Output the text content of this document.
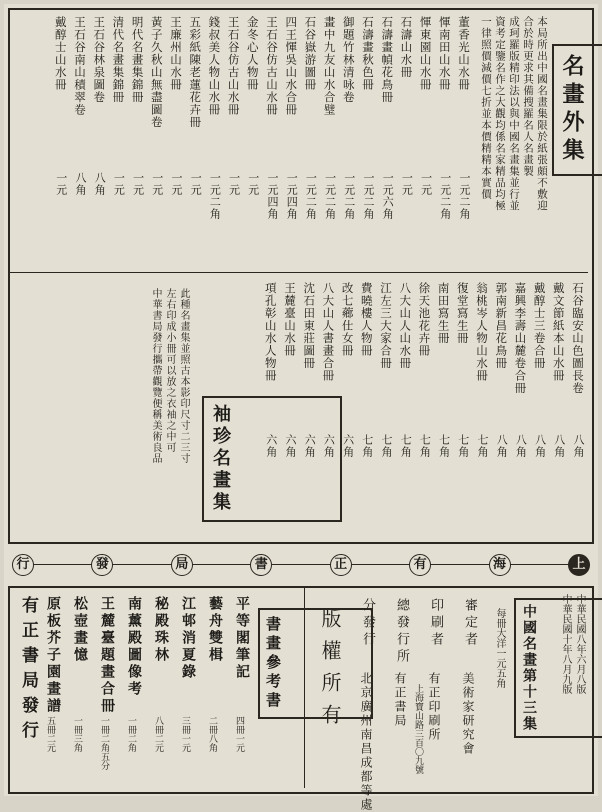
名畫外集
行	發	局	書	正	有	海	上
本局所出中國名畫集限於紙張頗不敷迎
合於時更求其備搜羅名人名畫製
成珂羅版精印法以與中國名畫集並行並
資考定鑒名作之大觀均係名家精品均極
一律照價減價七折並本價精精本實價
董香光山水冊
一元二角
惲南田山水冊
一元二角
惲東園山水冊
一元
石濤山水冊
一元
石濤畫幀花鳥冊
一元六角
石濤畫秋色冊
一元二角
御題竹林清咏卷
一元二角
畫中九友山水合璧
一元二角
石谷嶽游圖冊
一元二角
四王惲吳山水合冊
一元四角
王石谷仿古山水冊
一元四角
金冬心人物冊
一元
王石谷仿古山水冊
一元
錢叔美人物山水冊
一元二角
五彩紙陳老蓮花卉冊
一元
王廉州山水冊
一元
黃子久秋山無盡圖卷
一元
明代名畫集錦冊
一元
清代名畫集錦冊
一元
王石谷林泉圖卷
八角
王石谷南山積翠卷
八角
戴醇士山水冊
一元
石谷臨安山色圖長卷
八角
戴文節紙本山水冊
八角
戴醇士三卷合冊
八角
嘉興李壽山麓卷合冊
八角
郭南新昌花鳥冊
八角
翁桃岑人物山水冊
七角
復堂寫生冊
七角
南田寫生冊
七角
徐天池花卉冊
七角
八大山人山水冊
七角
江左三大家合冊
七角
費曉樓人物冊
七角
改七薌仕女冊
六角
八大山人書畫合冊
六角
沈石田東莊圖冊
六角
王麓臺山水冊
六角
項孔彰山水人物冊
六角
袖珍名畫集
此種名畫集並照古本影印尺寸二三寸
左右印成小冊可以放之衣袖之中可
中華書局發行攜帶觀覽便稱美術良品
中華民國八年六月八版
中華民國十年八月九版
中國名畫第十三集
每冊大洋一元五角
審定者
美術家研究會
印刷者
有正印刷所
總發行所
有正書局
分發行
北京廣州南昌成都等處	上海寶山路三百〇九號
版權所有
書畫參考書
平等閣筆記
四冊一元
藝舟雙楫
二冊八角
江邨消夏錄
三冊一元
秘殿珠林
八冊二元
南薰殿圖像考
一冊二角
王麓臺題畫合冊
一冊二角五分
松壺畫憶
一冊三角
原板芥子園畫譜
五冊二元
有正書局發行
